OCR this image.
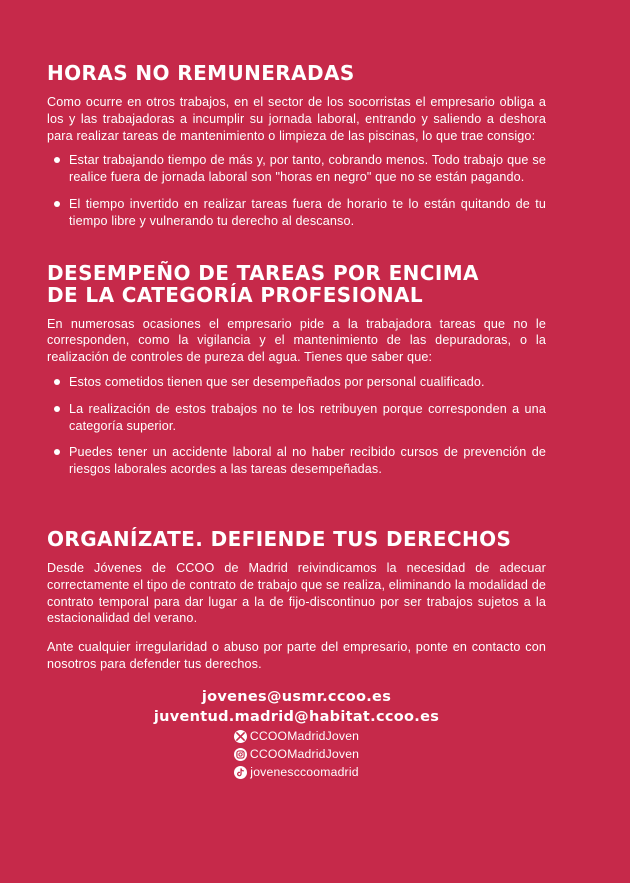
HORAS NO REMUNERADAS

Como ocurre en otros trabajos, en el sector de los socorristas el empresario obliga a los y las trabajadoras a incumplir su jornada laboral, entrando y saliendo a deshora para realizar tareas de mantenimiento o limpieza de las piscinas, lo que trae consigo:

Estar trabajando tiempo de más y, por tanto, cobrando menos. Todo trabajo que se realice fuera de jornada laboral son "horas en negro" que no se están pagando.
El tiempo invertido en realizar tareas fuera de horario te lo están quitando de tu tiempo libre y vulnerando tu derecho al descanso.
DESEMPEÑO DE TAREAS POR ENCIMA
DE LA CATEGORÍA PROFESIONAL

En numerosas ocasiones el empresario pide a la trabajadora tareas que no le corresponden, como la vigilancia y el mantenimiento de las depuradoras, o la realización de controles de pureza del agua. Tienes que saber que:

Estos cometidos tienen que ser desempeñados por personal cualificado.
La realización de estos trabajos no te los retribuyen porque corresponden a una categoría superior.
Puedes tener un accidente laboral al no haber recibido cursos de prevención de riesgos laborales acordes a las tareas desempeñadas.
ORGANÍZATE. DEFIENDE TUS DERECHOS

Desde Jóvenes de CCOO de Madrid reivindicamos la necesidad de adecuar correctamente el tipo de contrato de trabajo que se realiza, eliminando la modalidad de contrato temporal para dar lugar a la de fijo-discontinuo por ser trabajos sujetos a la estacionalidad del verano.

Ante cualquier irregularidad o abuso por parte del empresario, ponte en contacto con nosotros para defender tus derechos.

jovenes@usmr.ccoo.es
juventud.madrid@habitat.ccoo.es
CCOOMadridJoven
CCOOMadridJoven
jovenesccoomadrid
